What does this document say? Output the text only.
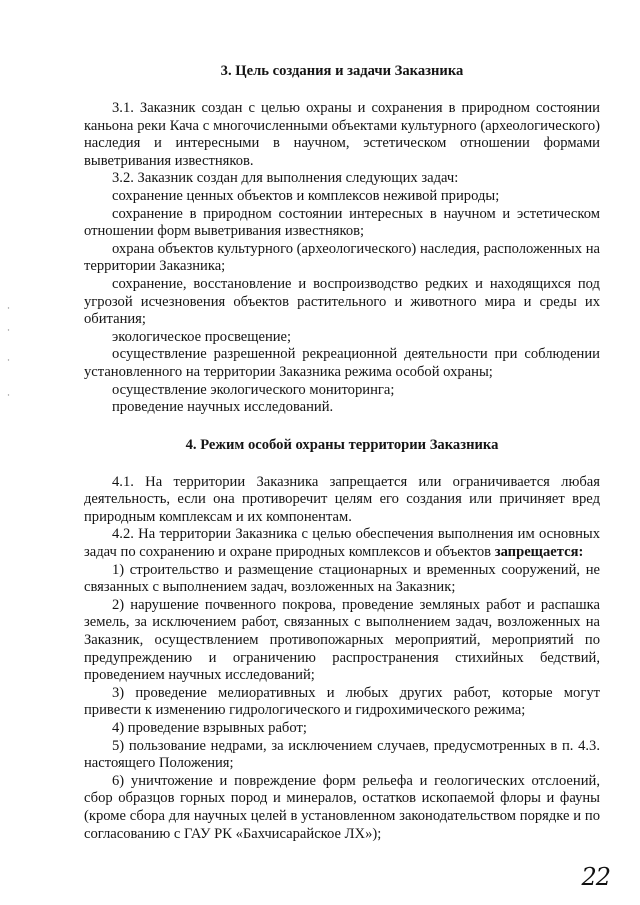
3. Цель создания и задачи Заказника

3.1. Заказник создан с целью охраны и сохранения в природном состоянии каньона реки Кача с многочисленными объектами культурного (археологического) наследия и интересными в научном, эстетическом отношении формами выветривания известняков.

3.2. Заказник создан для выполнения следующих задач:

сохранение ценных объектов и комплексов неживой природы;

сохранение в природном состоянии интересных в научном и эстетическом отношении форм выветривания известняков;

охрана объектов культурного (археологического) наследия, расположенных на территории Заказника;

сохранение, восстановление и воспроизводство редких и находящихся под угрозой исчезновения объектов растительного и животного мира и среды их обитания;

экологическое просвещение;

осуществление разрешенной рекреационной деятельности при соблюдении установленного на территории Заказника режима особой охраны;

осуществление экологического мониторинга;

проведение научных исследований.

4. Режим особой охраны территории Заказника

4.1. На территории Заказника запрещается или ограничивается любая деятельность, если она противоречит целям его создания или причиняет вред природным комплексам и их компонентам.

4.2. На территории Заказника с целью обеспечения выполнения им основных задач по сохранению и охране природных комплексов и объектов запрещается:

1) строительство и размещение стационарных и временных сооружений, не связанных с выполнением задач, возложенных на Заказник;

2) нарушение почвенного покрова, проведение земляных работ и распашка земель, за исключением работ, связанных с выполнением задач, возложенных на Заказник, осуществлением противопожарных мероприятий, мероприятий по предупреждению и ограничению распространения стихийных бедствий, проведением научных исследований;

3) проведение мелиоративных и любых других работ, которые могут привести к изменению гидрологического и гидрохимического режима;

4) проведение взрывных работ;

5) пользование недрами, за исключением случаев, предусмотренных в п. 4.3. настоящего Положения;

6) уничтожение и повреждение форм рельефа и геологических отслоений, сбор образцов горных пород и минералов, остатков ископаемой флоры и фауны (кроме сбора для научных целей в установленном законодательством порядке и по согласованию с ГАУ РК «Бахчисарайское ЛХ»);

22
